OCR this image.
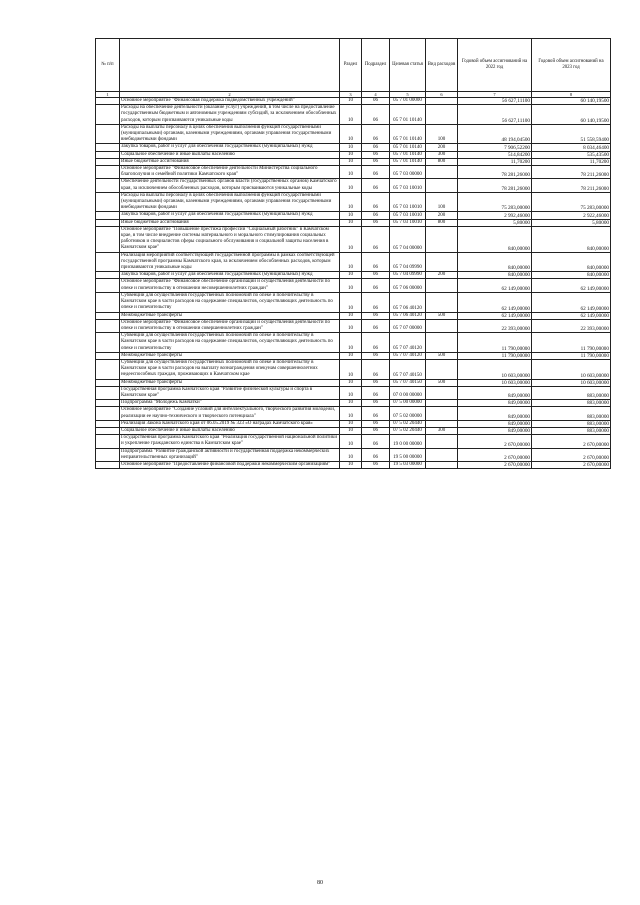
№ п/п		Раздел	Подраздел	Целевая статья	Вид расходов	Годовой объем ассигнований на 2022 год	Годовой объем ассигнований на 2023 год
1	2	3	4	5	6	7	8
	Основное мероприятие "Финансовая поддержка подведомственных учреждений"	10	06	05 7 01 00000		56 627,11100	60 140,19500
	Расходы на обеспечение деятельности (оказание услуг) учреждений, в том числе на предоставление государственным бюджетным и автономным учреждениям субсидий, за исключением обособленных расходов, которым присваиваются уникальные коды	10	06	05 7 01 10140		56 627,11100	60 140,19500
	Расходы на выплаты персоналу в целях обеспечения выполнения функций государственными (муниципальными) органами, казенными учреждениями, органами управления государственными внебюджетными фондами	10	06	05 7 01 10140	100	48 194,04500	51 558,59400
	Закупка товаров, работ и услуг для обеспечения государственных (муниципальных) нужд	10	06	05 7 01 10140	200	7 906,52200	8 034,46400
	Социальное обеспечение и иные выплаты населению	10	06	05 7 01 10140	300	514,84200	535,43500
	Иные бюджетные ассигнования	10	06	05 7 01 10140	800	11,70200	11,70200
	Основное мероприятие "Финансовое обеспечение деятельности Министерства социального благополучия и семейной политики Камчатского края"	10	06	05 7 03 00000		78 281,26000	78 211,26000
	Обеспечение деятельности государственных органов власти (государственных органов) Камчатского края, за исключением обособленных расходов, которым присваиваются уникальные коды	10	06	05 7 03 10010		78 281,26000	78 211,26000
	Расходы на выплаты персоналу в целях обеспечения выполнения функций государственными (муниципальными) органами, казенными учреждениями, органами управления государственными внебюджетными фондами	10	06	05 7 03 10010	100	75 283,00000	75 283,00000
	Закупка товаров, работ и услуг для обеспечения государственных (муниципальных) нужд	10	06	05 7 03 10010	200	2 992,46000	2 922,46000
	Иные бюджетные ассигнования	10	06	05 7 03 10010	800	5,80000	5,80000
	Основное мероприятие "Повышение престижа профессии "Социальный работник" в Камчатском крае, в том числе внедрение системы материального и морального стимулирования социальных работников и специалистов сферы социального обслуживания и социальной защиты населения в Камчатском крае"	10	06	05 7 04 00000		840,00000	840,00000
	Реализация мероприятий соответствующей государственной программы в рамках соответствующей государственной программы Камчатского края, за исключением обособленных расходов, которым присваиваются уникальные коды	10	06	05 7 04 09990		840,00000	840,00000
	Закупка товаров, работ и услуг для обеспечения государственных (муниципальных) нужд	10	06	05 7 04 09990	200	840,00000	840,00000
	Основное мероприятие "Финансовое обеспечение организации и осуществления деятельности по опеке и попечительству в отношении несовершеннолетних граждан"	10	06	05 7 06 00000		62 149,00000	62 149,00000
	Субвенции для осуществления государственных полномочий по опеке и попечительству в Камчатском крае в части расходов на содержание специалистов, осуществляющих деятельность по опеке и попечительству	10	06	05 7 06 40120		62 149,00000	62 149,00000
	Межбюджетные трансферты	10	06	05 7 06 40120	500	62 149,00000	62 149,00000
	Основное мероприятие "Финансовое обеспечение организации и осуществления деятельности по опеке и попечительству в отношении совершеннолетних граждан"	10	06	05 7 07 00000		22 393,00000	22 393,00000
	Субвенции для осуществления государственных полномочий по опеке и попечительству в Камчатском крае в части расходов на содержание специалистов, осуществляющих деятельность по опеке и попечительству	10	06	05 7 07 40120		11 790,00000	11 790,00000
	Межбюджетные трансферты	10	06	05 7 07 40120	500	11 790,00000	11 790,00000
	Субвенции для осуществления государственных полномочий по опеке и попечительству в Камчатском крае в части расходов на выплату вознаграждения опекунам совершеннолетних недееспособных граждан, проживающих в Камчатском крае	10	06	05 7 07 40150		10 603,00000	10 603,00000
	Межбюджетные трансферты	10	06	05 7 07 40150	500	10 603,00000	10 603,00000
	Государственная программа Камчатского края "Развитие физической культуры и спорта в Камчатском крае"	10	06	07 0 00 00000		849,00000	883,00000
	Подпрограмма "Молодежь Камчатки"	10	06	07 5 00 00000		849,00000	883,00000
	Основное мероприятие "Создание условий для интеллектуального, творческого развития молодежи, реализации ее научно-технического и творческого потенциала"	10	06	07 5 02 00000		849,00000	883,00000
	Реализация Закона Камчатского края от 06.05.2019 № 323 «О наградах Камчатского края»	10	06	07 5 02 20440		849,00000	883,00000
	Социальное обеспечение и иные выплаты населению	10	06	07 5 02 20440	300	849,00000	883,00000
	Государственная программа Камчатского края "Реализация государственной национальной политики и укрепление гражданского единства в Камчатском крае"	10	06	19 0 00 00000		2 670,00000	2 670,00000
	Подпрограмма "Развитие гражданской активности и государственная поддержка некоммерческих неправительственных организаций"	10	06	19 5 00 00000		2 670,00000	2 670,00000
	Основное мероприятие "Предоставление финансовой поддержки некоммерческим организациям"	10	06	19 5 03 00000		2 670,00000	2 670,00000
80
